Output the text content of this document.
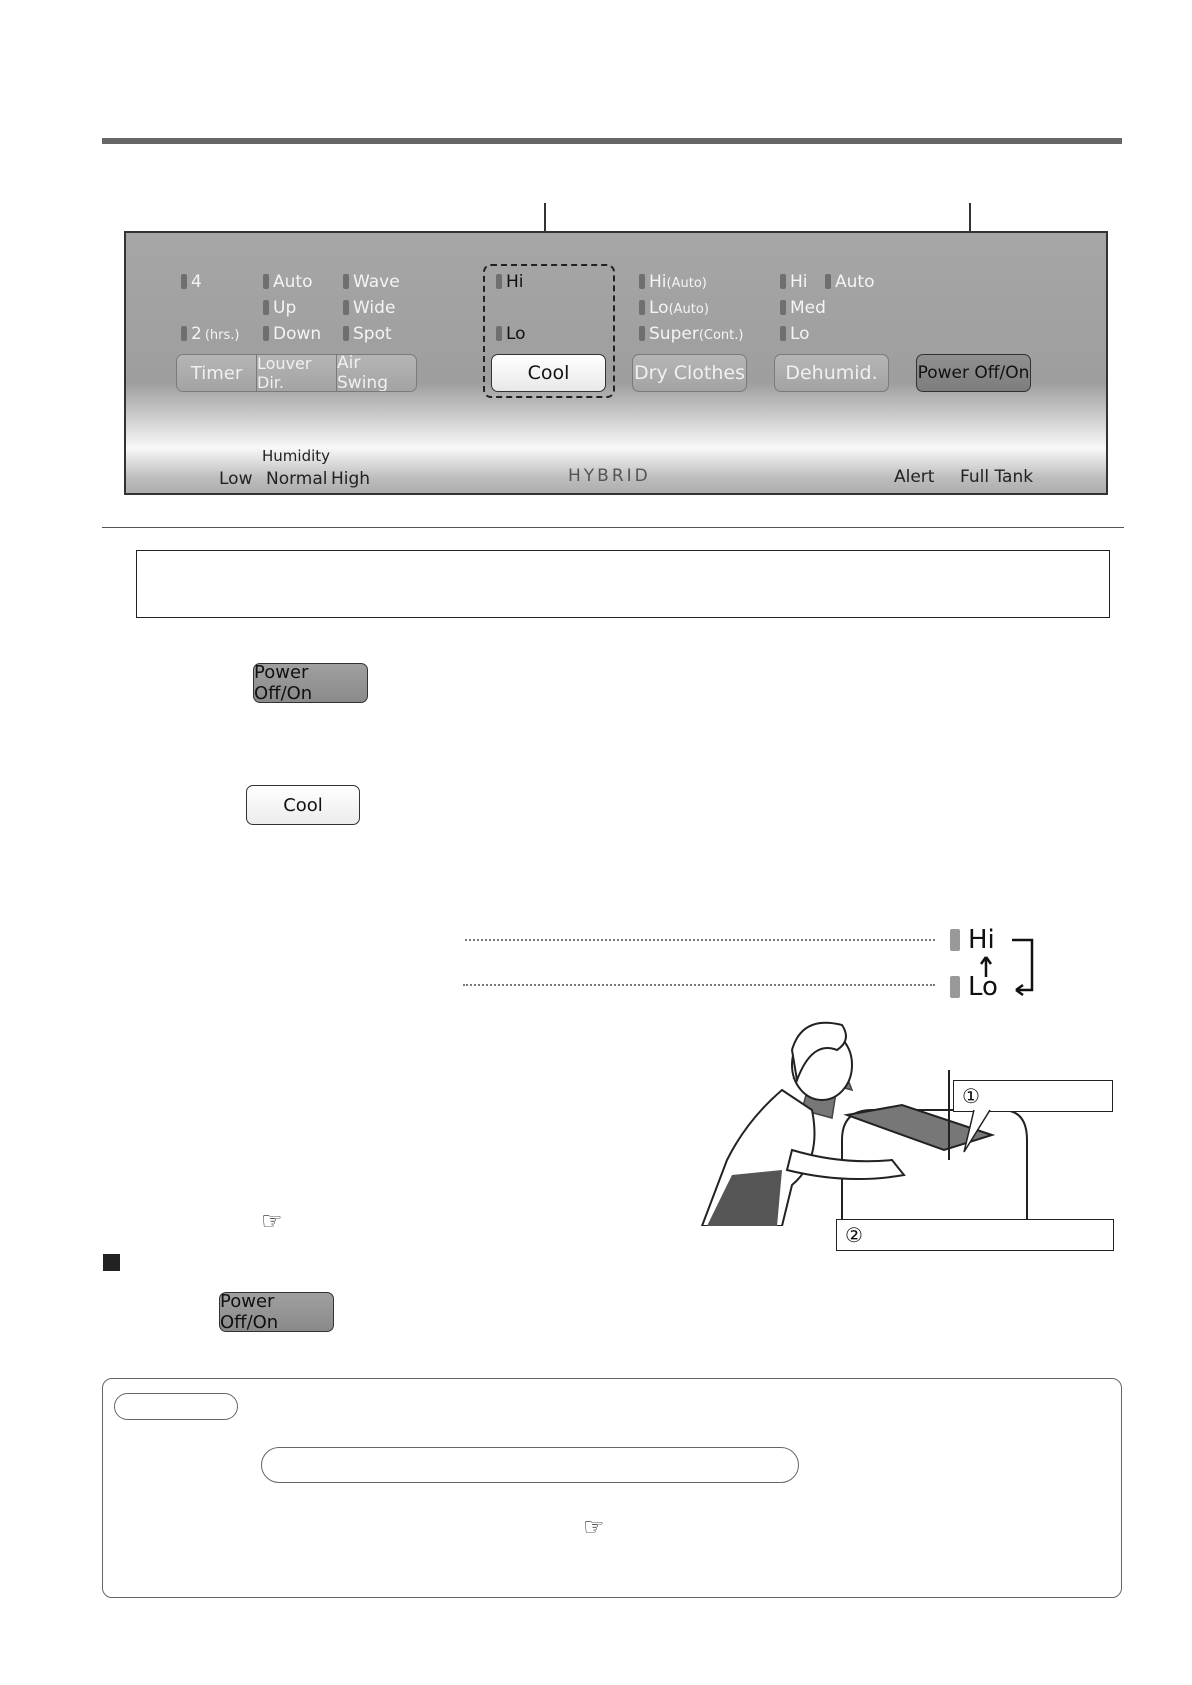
4
2 (hrs.)
Auto
Up
Down
Wave
Wide
Spot
Timer Louver Dir.
Air Swing
Hi
Lo
Cool
Hi(Auto)
Lo(Auto)
Super(Cont.)
Dry Clothes
Hi	Auto
Med
Lo
Dehumid.	Power Off/On
Humidity
Low Normal High	HYBRID	Alert Full Tank
Power Off/On
Cool
Hi
Lo
①
②
☞
Power Off/On
☞
